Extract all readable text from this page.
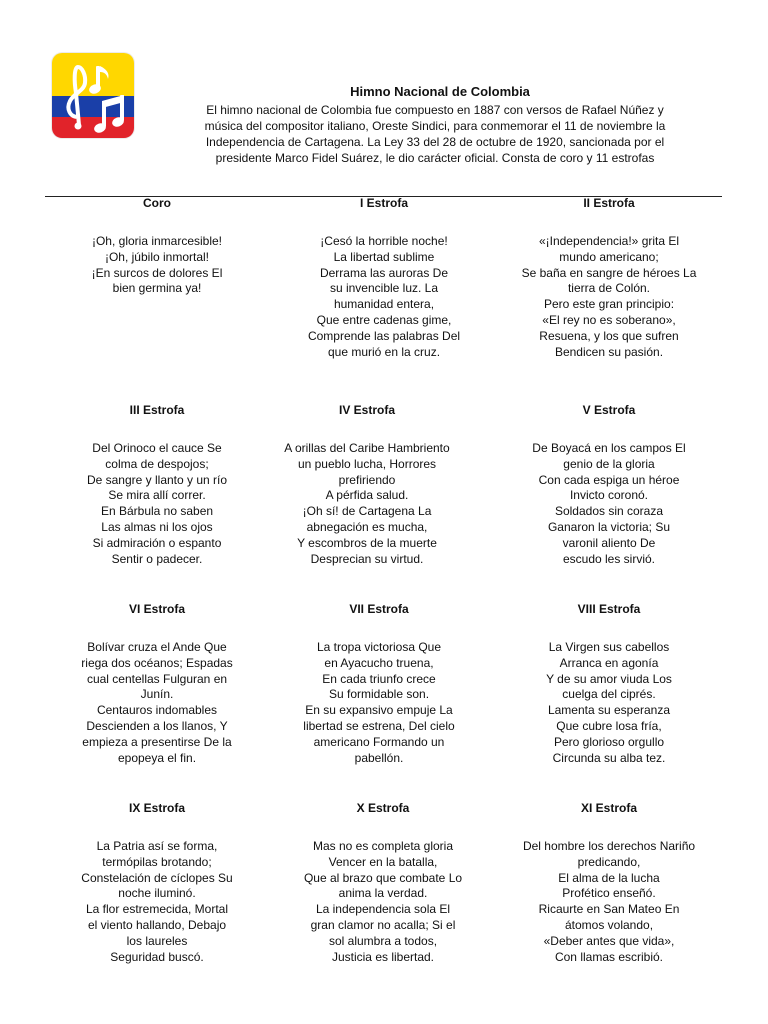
Himno Nacional de Colombia
El himno nacional de Colombia fue compuesto en 1887 con versos de Rafael Núñez y música del compositor italiano, Oreste Sindici, para conmemorar el 11 de noviembre la Independencia de Cartagena. La Ley 33 del 28 de octubre de 1920, sancionada por el presidente Marco Fidel Suárez, le dio carácter oficial. Consta de coro y 11 estrofas
Coro
¡Oh, gloria inmarcesible!
¡Oh, júbilo inmortal!
¡En surcos de dolores El
bien germina ya!
I Estrofa
¡Cesó la horrible noche!
La libertad sublime
Derrama las auroras De
su invencible luz. La
humanidad entera,
Que entre cadenas gime,
Comprende las palabras Del
que murió en la cruz.
II Estrofa
«¡Independencia!» grita El
mundo americano;
Se baña en sangre de héroes La
tierra de Colón.
Pero este gran principio:
«El rey no es soberano»,
Resuena, y los que sufren
Bendicen su pasión.
III Estrofa
Del Orinoco el cauce Se
colma de despojos;
De sangre y llanto y un río
Se mira allí correr.
En Bárbula no saben
Las almas ni los ojos
Si admiración o espanto
Sentir o padecer.
IV Estrofa
A orillas del Caribe Hambriento
un pueblo lucha, Horrores
prefiriendo
A pérfida salud.
¡Oh sí! de Cartagena La
abnegación es mucha,
Y escombros de la muerte
Desprecian su virtud.
V Estrofa
De Boyacá en los campos El
genio de la gloria
Con cada espiga un héroe
Invicto coronó.
Soldados sin coraza
Ganaron la victoria; Su
varonil aliento De
escudo les sirvió.
VI Estrofa
Bolívar cruza el Ande Que
riega dos océanos; Espadas
cual centellas Fulguran en
Junín.
Centauros indomables
Descienden a los llanos, Y
empieza a presentirse De la
epopeya el fin.
VII Estrofa
La tropa victoriosa Que
en Ayacucho truena,
En cada triunfo crece
Su formidable son.
En su expansivo empuje La
libertad se estrena, Del cielo
americano Formando un
pabellón.
VIII Estrofa
La Virgen sus cabellos
Arranca en agonía
Y de su amor viuda Los
cuelga del ciprés.
Lamenta su esperanza
Que cubre losa fría,
Pero glorioso orgullo
Circunda su alba tez.
IX Estrofa
La Patria así se forma,
termópilas brotando;
Constelación de cíclopes Su
noche iluminó.
La flor estremecida, Mortal
el viento hallando, Debajo
los laureles
Seguridad buscó.
X Estrofa
Mas no es completa gloria
Vencer en la batalla,
Que al brazo que combate Lo
anima la verdad.
La independencia sola El
gran clamor no acalla; Si el
sol alumbra a todos,
Justicia es libertad.
XI Estrofa
Del hombre los derechos Nariño
predicando,
El alma de la lucha
Profético enseñó.
Ricaurte en San Mateo En
átomos volando,
«Deber antes que vida»,
Con llamas escribió.
